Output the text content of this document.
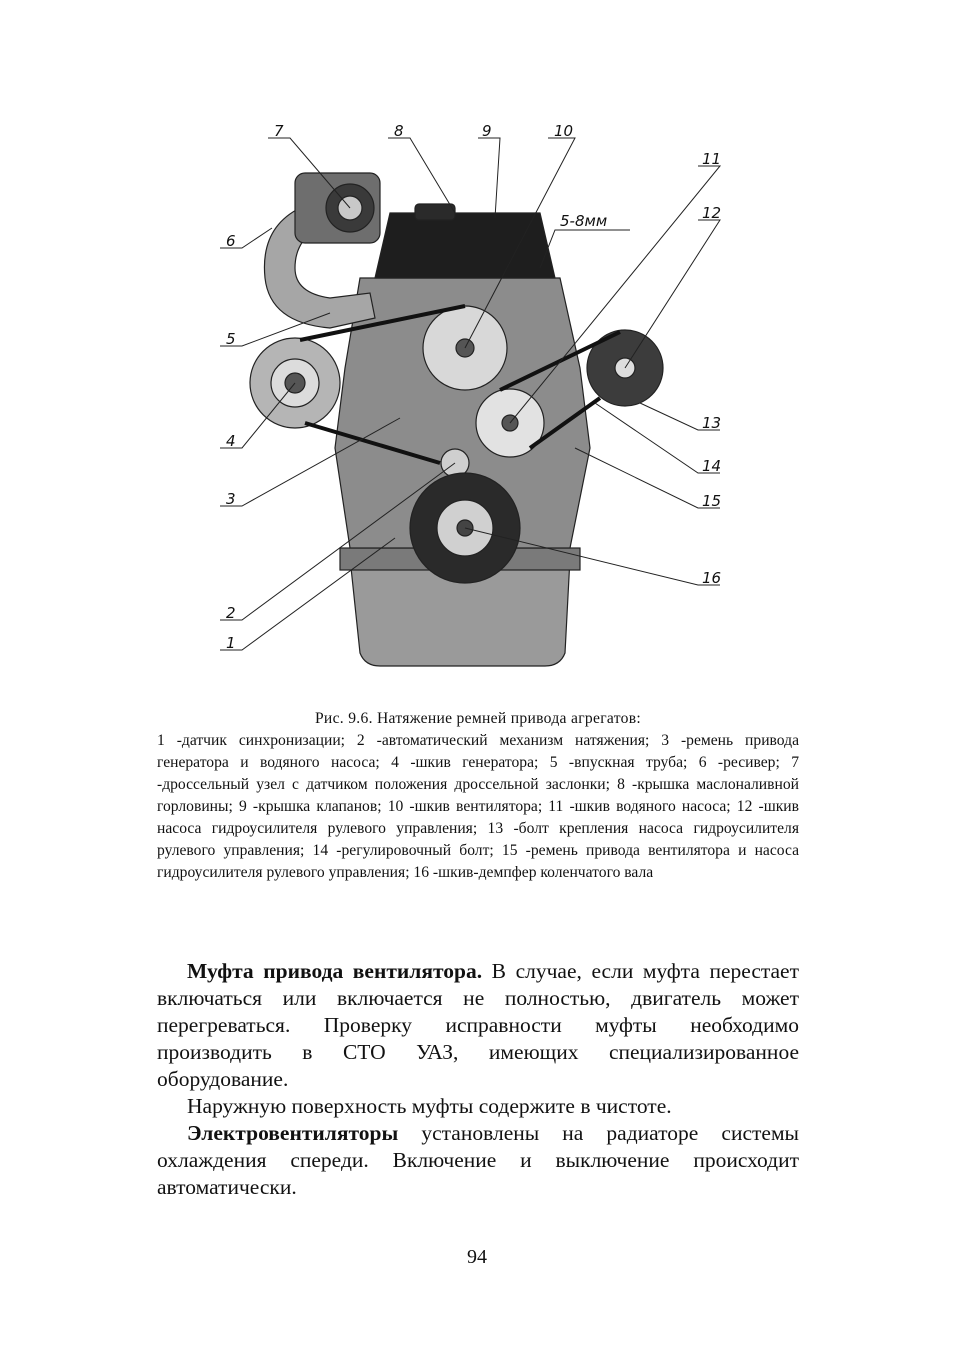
7	8	9	10
11
12
5-8мм
6
5
4
3
2
1
13
14
15
16
Рис. 9.6. Натяжение ремней привода агрегатов:
1 -датчик синхронизации; 2 -автоматический механизм натяжения; 3 -ремень привода генератора и водяного насоса; 4 -шкив генератора; 5 -впускная труба; 6 -ресивер; 7 -дроссельный узел с датчиком положения дроссельной заслонки; 8 -крышка маслоналивной горловины; 9 -крышка клапанов; 10 -шкив вентилятора; 11 -шкив водяного насоса; 12 -шкив насоса гидроусилителя рулевого управления; 13 -болт крепления насоса гидроусилителя рулевого управления; 14 -регулировочный болт; 15 -ремень привода вентилятора и насоса гидроусилителя рулевого управления; 16 -шкив-демпфер коленчатого вала

Муфта привода вентилятора. В случае, если муфта перестает включаться или включается не полностью, двигатель может перегреваться. Проверку исправности муфты необходимо производить в СТО УАЗ, имеющих специализированное оборудование.

Наружную поверхность муфты содержите в чистоте.

Электровентиляторы установлены на радиаторе системы охлаждения спереди. Включение и выключение происходит автоматически.

94
